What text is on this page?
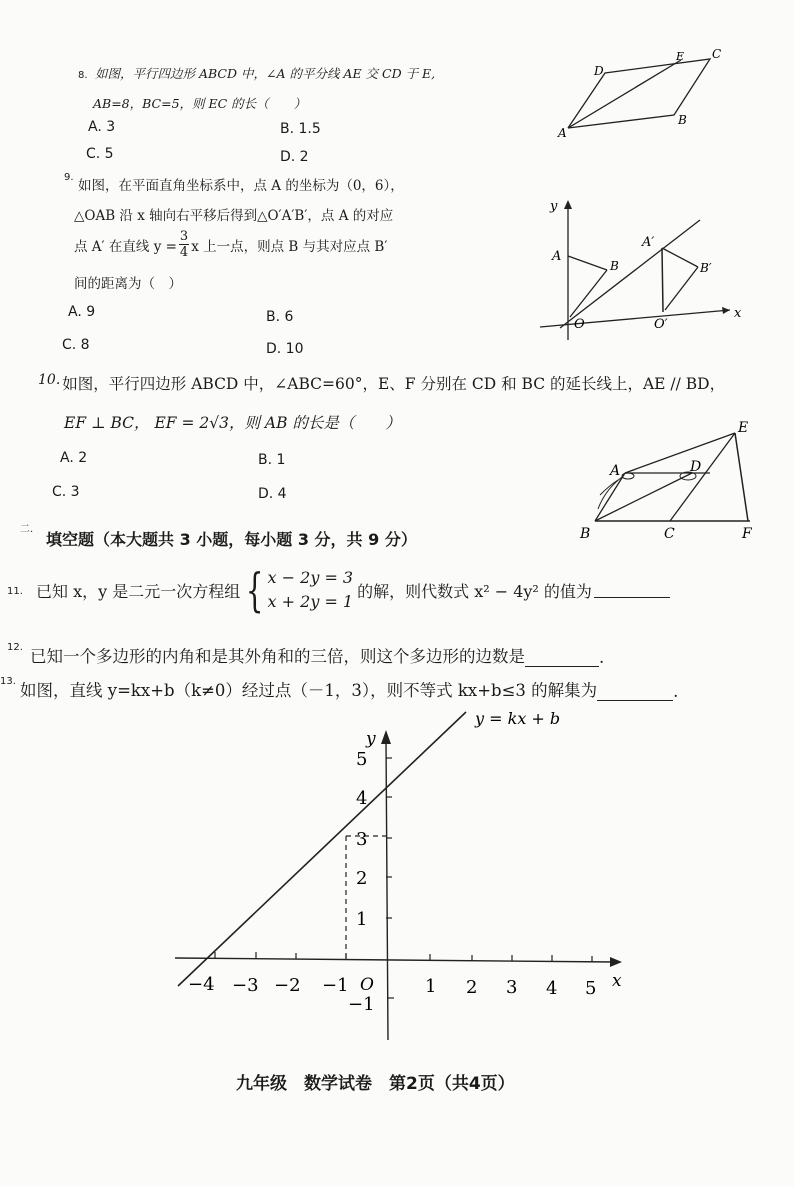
8. 如图，平行四边形 ABCD 中，∠A 的平分线 AE 交 CD 于 E,
AB=8，BC=5，则 EC 的长（　　）
A. 3	B. 1.5
C. 5	D. 2
A
B
C
D
E
9.
如图，在平面直角坐标系中，点 A 的坐标为（0，6），
△OAB 沿 x 轴向右平移后得到△O′A′B′，点 A 的对应
点 A′ 在直线 $y = \frac{3}{4}$ x 上一点，则点 B 与其对应点 B′
间的距离为（　）
A. 9	B. 6
C. 8	D. 10
y
x
O
A
B
A′
B′
O′
10. 如图，平行四边形 ABCD 中，∠ABC=60°，E、F 分别在 CD 和 BC 的延长线上，AE // BD，
EF ⊥ BC， EF = 2√3，则 AB 的长是（　　）
A. 2	B. 1
C. 3	D. 4
A
B	C
D
E
F
二.
填空题（本大题共 3 小题，每小题 3 分，共 9 分）
11. 已知 x，y 是二元一次方程组 { x − 2y = 3
x + 2y = 1
的解，则代数式 x² − 4y² 的值为
12. 已知一个多边形的内角和是其外角和的三倍，则这个多边形的边数是	.
13. 如图，直线 y=kx+b（k≠0）经过点（－1，3），则不等式 kx+b≤3 的解集为	.
y = kx + b
y
x
O
−4 −3 −2 −1	1 2 3 4 5
5
4
3
2
1
−1
九年级　数学试卷　第2页（共4页）
